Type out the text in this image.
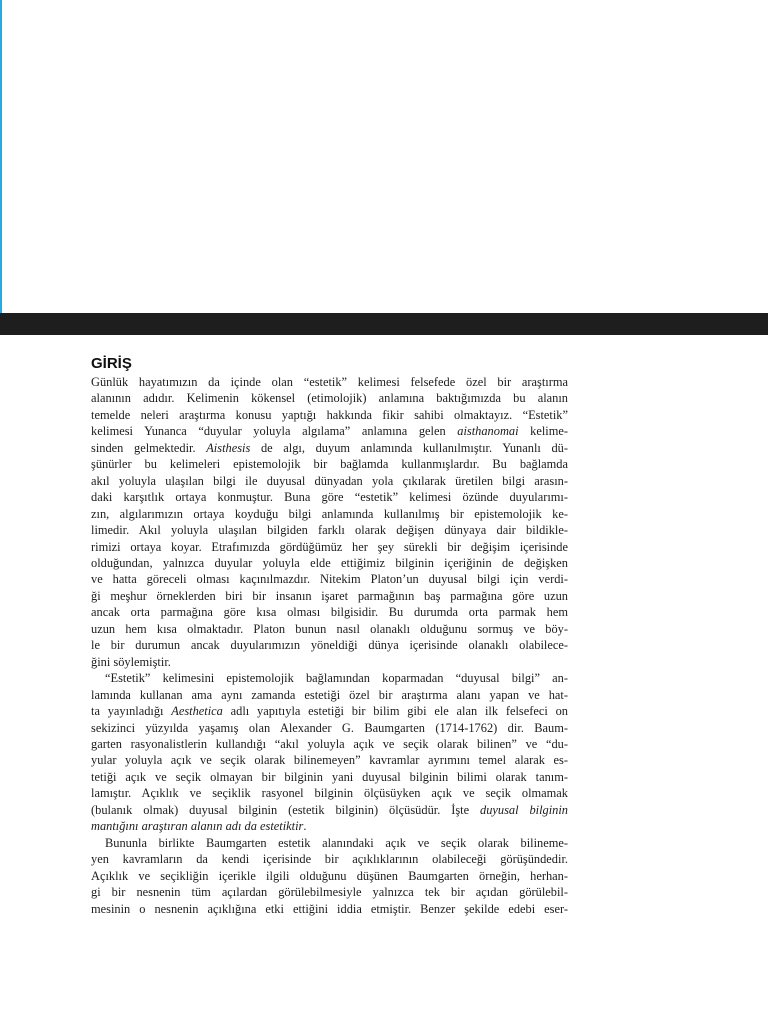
GİRİŞ

Günlük hayatımızın da içinde olan “estetik” kelimesi felsefede özel bir araştırma
alanının adıdır. Kelimenin kökensel (etimolojik) anlamına baktığımızda bu alanın
temelde neleri araştırma konusu yaptığı hakkında fikir sahibi olmaktayız. “Estetik”
kelimesi Yunanca “duyular yoluyla algılama” anlamına gelen aisthanomai kelime-
sinden gelmektedir. Aisthesis de algı, duyum anlamında kullanılmıştır. Yunanlı dü-
şünürler bu kelimeleri epistemolojik bir bağlamda kullanmışlardır. Bu bağlamda
akıl yoluyla ulaşılan bilgi ile duyusal dünyadan yola çıkılarak üretilen bilgi arasın-
daki karşıtlık ortaya konmuştur. Buna göre “estetik” kelimesi özünde duyularımı-
zın, algılarımızın ortaya koyduğu bilgi anlamında kullanılmış bir epistemolojik ke-
limedir. Akıl yoluyla ulaşılan bilgiden farklı olarak değişen dünyaya dair bildikle-
rimizi ortaya koyar. Etrafımızda gördüğümüz her şey sürekli bir değişim içerisinde
olduğundan, yalnızca duyular yoluyla elde ettiğimiz bilginin içeriğinin de değişken
ve hatta göreceli olması kaçınılmazdır. Nitekim Platon’un duyusal bilgi için verdi-
ği meşhur örneklerden biri bir insanın işaret parmağının baş parmağına göre uzun
ancak orta parmağına göre kısa olması bilgisidir. Bu durumda orta parmak hem
uzun hem kısa olmaktadır. Platon bunun nasıl olanaklı olduğunu sormuş ve böy-
le bir durumun ancak duyularımızın yöneldiği dünya içerisinde olanaklı olabilece-
ğini söylemiştir.

“Estetik” kelimesini epistemolojik bağlamından koparmadan “duyusal bilgi” an-
lamında kullanan ama aynı zamanda estetiği özel bir araştırma alanı yapan ve hat-
ta yayınladığı Aesthetica adlı yapıtıyla estetiği bir bilim gibi ele alan ilk felsefeci on
sekizinci yüzyılda yaşamış olan Alexander G. Baumgarten (1714-1762) dir. Baum-
garten rasyonalistlerin kullandığı “akıl yoluyla açık ve seçik olarak bilinen” ve “du-
yular yoluyla açık ve seçik olarak bilinemeyen” kavramlar ayrımını temel alarak es-
tetiği açık ve seçik olmayan bir bilginin yani duyusal bilginin bilimi olarak tanım-
lamıştır. Açıklık ve seçiklik rasyonel bilginin ölçüsüyken açık ve seçik olmamak
(bulanık olmak) duyusal bilginin (estetik bilginin) ölçüsüdür. İşte duyusal bilginin
mantığını araştıran alanın adı da estetiktir.

Bununla birlikte Baumgarten estetik alanındaki açık ve seçik olarak bilineme-
yen kavramların da kendi içerisinde bir açıklıklarının olabileceği görüşündedir.
Açıklık ve seçikliğin içerikle ilgili olduğunu düşünen Baumgarten örneğin, herhan-
gi bir nesnenin tüm açılardan görülebilmesiyle yalnızca tek bir açıdan görülebil-
mesinin o nesnenin açıklığına etki ettiğini iddia etmiştir. Benzer şekilde edebi eser-
